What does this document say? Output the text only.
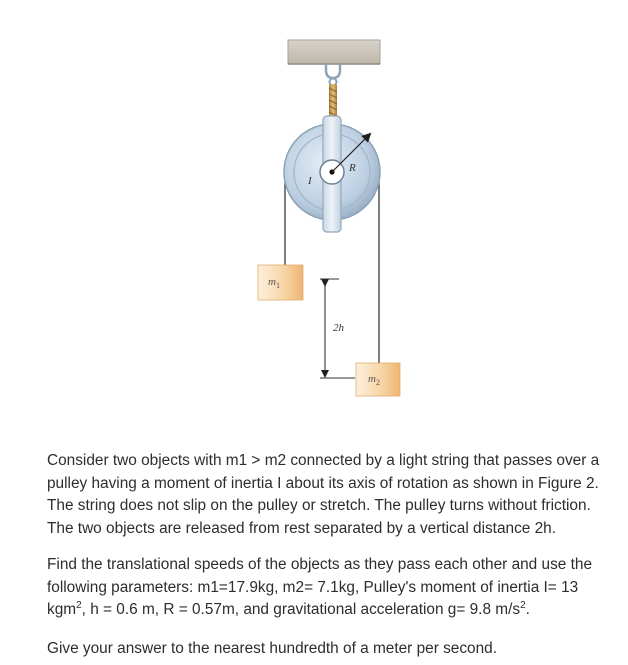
I
R
$m_1$
$m_2$
2h

Consider two objects with m1 > m2 connected by a light string that passes over a pulley having a moment of inertia I about its axis of rotation as shown in Figure 2. The string does not slip on the pulley or stretch. The pulley turns without friction. The two objects are released from rest separated by a vertical distance 2h.

Find the translational speeds of the objects as they pass each other and use the following parameters: m1=17.9kg, m2= 7.1kg, Pulley's moment of inertia I= 13 kgm$^2$, h = 0.6 m, R = 0.57m, and gravitational acceleration g= 9.8 $m/s^2$.

Give your answer to the nearest hundredth of a meter per second.
